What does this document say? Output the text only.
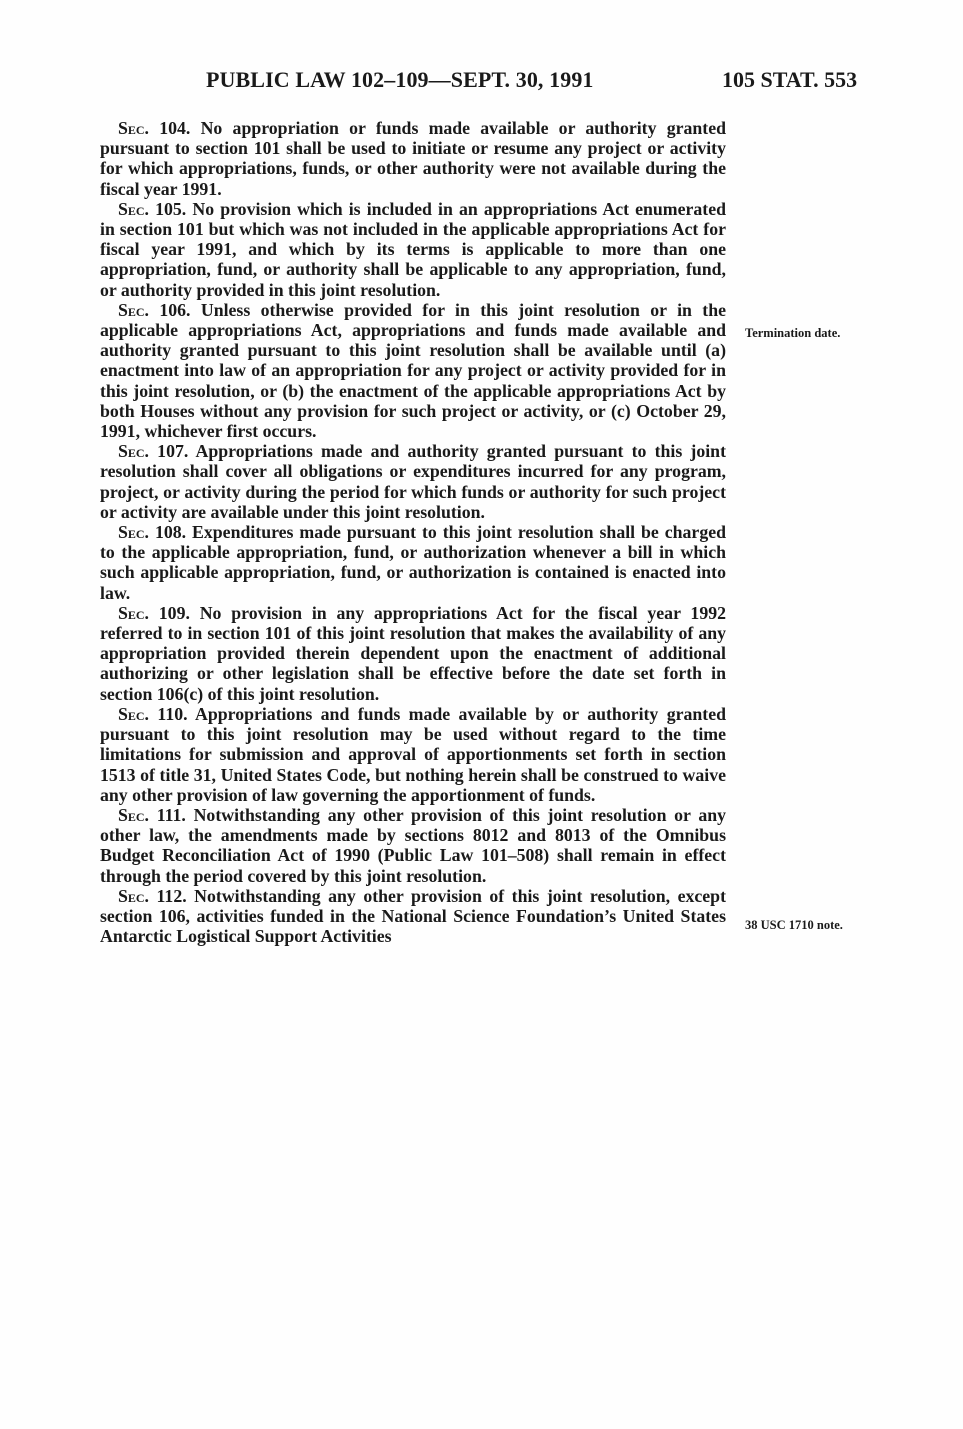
PUBLIC LAW 102–109—SEPT. 30, 1991	105 STAT. 553

Sec. 104. No appropriation or funds made available or authority granted pursuant to section 101 shall be used to initiate or resume any project or activity for which appropriations, funds, or other authority were not available during the fiscal year 1991.

Sec. 105. No provision which is included in an appropriations Act enumerated in section 101 but which was not included in the applicable appropriations Act for fiscal year 1991, and which by its terms is applicable to more than one appropriation, fund, or authority shall be applicable to any appropriation, fund, or authority provided in this joint resolution.

Sec. 106. Unless otherwise provided for in this joint resolution or in the applicable appropriations Act, appropriations and funds made available and authority granted pursuant to this joint resolution shall be available until (a) enactment into law of an appropriation for any project or activity provided for in this joint resolution, or (b) the enactment of the applicable appropriations Act by both Houses without any provision for such project or activity, or (c) October 29, 1991, whichever first occurs.

Sec. 107. Appropriations made and authority granted pursuant to this joint resolution shall cover all obligations or expenditures incurred for any program, project, or activity during the period for which funds or authority for such project or activity are available under this joint resolution.

Sec. 108. Expenditures made pursuant to this joint resolution shall be charged to the applicable appropriation, fund, or authorization whenever a bill in which such applicable appropriation, fund, or authorization is contained is enacted into law.

Sec. 109. No provision in any appropriations Act for the fiscal year 1992 referred to in section 101 of this joint resolution that makes the availability of any appropriation provided therein dependent upon the enactment of additional authorizing or other legislation shall be effective before the date set forth in section 106(c) of this joint resolution.

Sec. 110. Appropriations and funds made available by or authority granted pursuant to this joint resolution may be used without regard to the time limitations for submission and approval of apportionments set forth in section 1513 of title 31, United States Code, but nothing herein shall be construed to waive any other provision of law governing the apportionment of funds.

Sec. 111. Notwithstanding any other provision of this joint resolution or any other law, the amendments made by sections 8012 and 8013 of the Omnibus Budget Reconciliation Act of 1990 (Public Law 101–508) shall remain in effect through the period covered by this joint resolution.

Sec. 112. Notwithstanding any other provision of this joint resolution, except section 106, activities funded in the National Science Foundation’s United States Antarctic Logistical Support Activities

Termination date.
38 USC 1710 note.
